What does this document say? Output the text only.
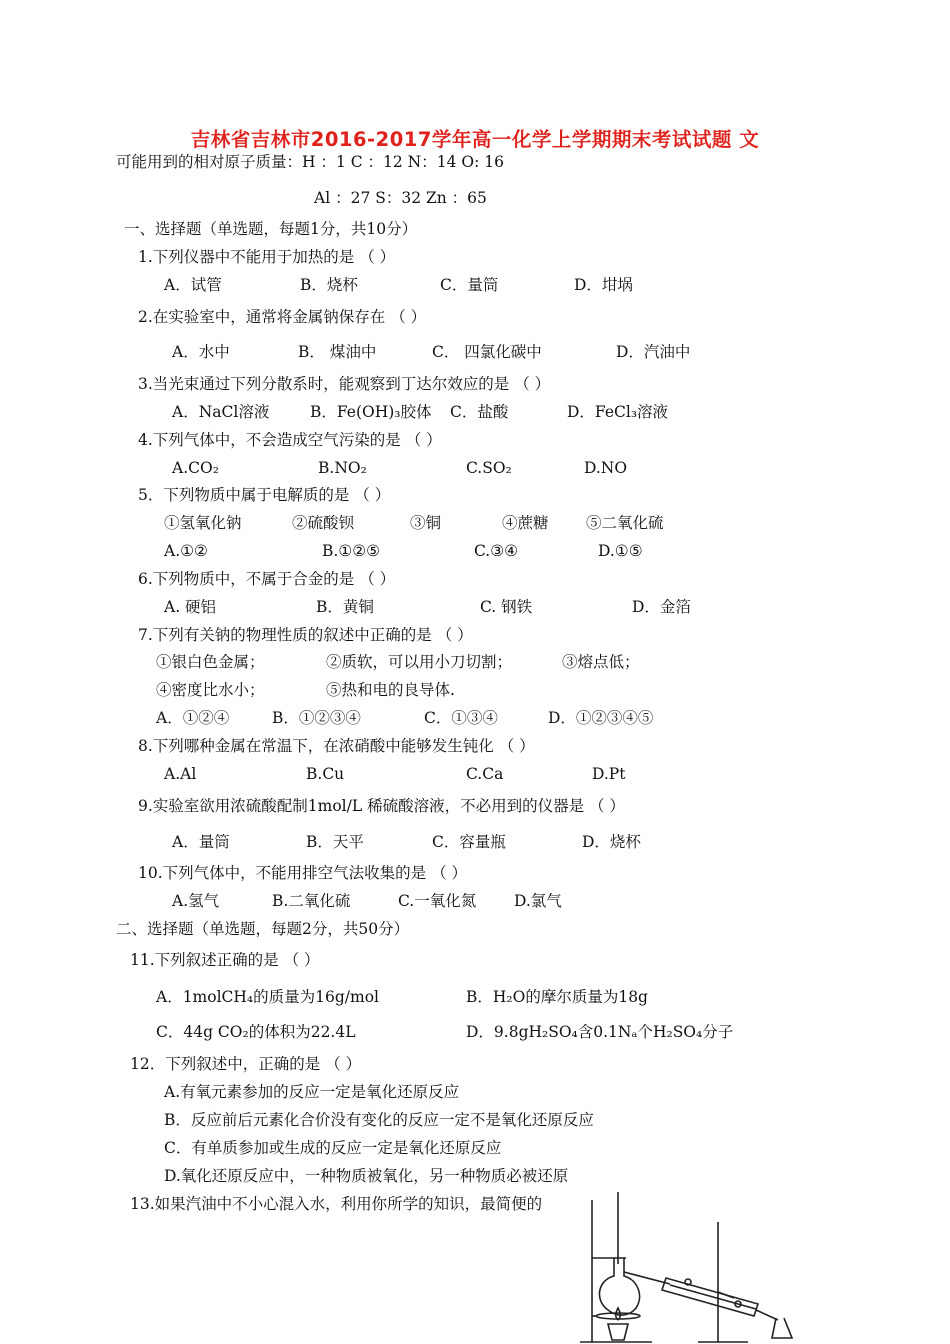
吉林省吉林市2016-2017学年高一化学上学期期末考试试题 文
可能用到的相对原子质量：H ：1 C ：12 N：14 O: 16
Al ：27 S：32 Zn ：65
一、选择题（单选题，每题1分，共10分）
1.下列仪器中不能用于加热的是 （ ）
A．试管	B．烧杯	C．量筒	D．坩埚
2.在实验室中，通常将金属钠保存在 （ ）
A．水中	B． 煤油中	C． 四氯化碳中	D．汽油中
3.当光束通过下列分散系时，能观察到丁达尔效应的是 （ ）
A．NaCl溶液	B．Fe(OH)₃胶体 C．盐酸	D．FeCl₃溶液
4.下列气体中，不会造成空气污染的是 （ ）
A.CO₂	B.NO₂	C.SO₂	D.NO
5．下列物质中属于电解质的是 （ ）
①氢氧化钠	②硫酸钡	③铜	④蔗糖 ⑤二氧化硫
A.①②	B.①②⑤	C.③④	D.①⑤
6.下列物质中，不属于合金的是 （ ）
A. 硬铝	B．黄铜	C. 钢铁	D．金箔
7.下列有关钠的物理性质的叙述中正确的是 （ ）
①银白色金属；	②质软，可以用小刀切割；	③熔点低；
④密度比水小；	⑤热和电的良导体.
A．①②④	B．①②③④	C．①③④	D．①②③④⑤
8.下列哪种金属在常温下，在浓硝酸中能够发生钝化 （ ）
A.Al	B.Cu	C.Ca	D.Pt
9.实验室欲用浓硫酸配制1mol/L 稀硫酸溶液，不必用到的仪器是 （ ）
A．量筒	B．天平	C．容量瓶	D．烧杯
10.下列气体中，不能用排空气法收集的是 （ ）
A.氢气	B.二氧化硫	C.一氧化氮 D.氯气
二、选择题（单选题，每题2分，共50分）
11.下列叙述正确的是 （ ）
A．1molCH₄的质量为16g/mol	B．H₂O的摩尔质量为18g
C．44g CO₂的体积为22.4L	D．9.8gH₂SO₄含0.1Nₐ个H₂SO₄分子
12．下列叙述中，正确的是 （ ）
A.有氧元素参加的反应一定是氧化还原反应
B．反应前后元素化合价没有变化的反应一定不是氧化还原反应
C．有单质参加或生成的反应一定是氧化还原反应
D.氧化还原反应中，一种物质被氧化，另一种物质必被还原
13.如果汽油中不小心混入水，利用你所学的知识，最简便的
